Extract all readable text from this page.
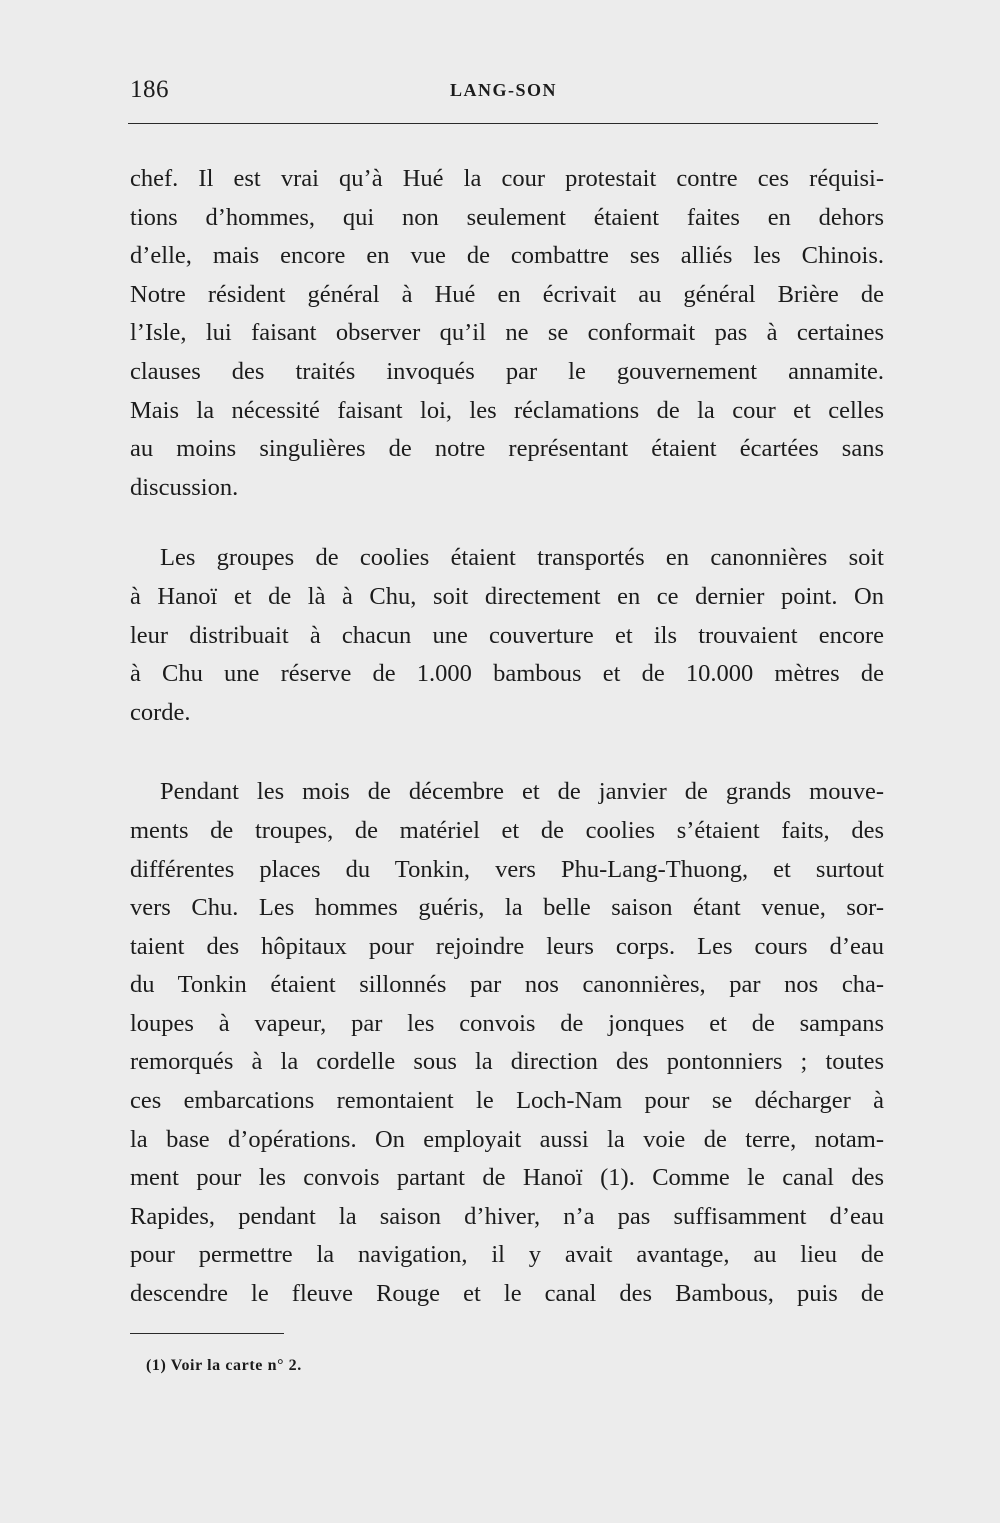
186	LANG-SON
chef. Il est vrai qu’à Hué la cour protestait contre ces réquisi-
tions d’hommes, qui non seulement étaient faites en dehors
d’elle, mais encore en vue de combattre ses alliés les Chinois.
Notre résident général à Hué en écrivait au général Brière de
l’Isle, lui faisant observer qu’il ne se conformait pas à certaines
clauses des traités invoqués par le gouvernement annamite.
Mais la nécessité faisant loi, les réclamations de la cour et celles
au moins singulières de notre représentant étaient écartées sans
discussion.
Les groupes de coolies étaient transportés en canonnières soit
à Hanoï et de là à Chu, soit directement en ce dernier point. On
leur distribuait à chacun une couverture et ils trouvaient encore
à Chu une réserve de 1.000 bambous et de 10.000 mètres de
corde.
Pendant les mois de décembre et de janvier de grands mouve-
ments de troupes, de matériel et de coolies s’étaient faits, des
différentes places du Tonkin, vers Phu-Lang-Thuong, et surtout
vers Chu. Les hommes guéris, la belle saison étant venue, sor-
taient des hôpitaux pour rejoindre leurs corps. Les cours d’eau
du Tonkin étaient sillonnés par nos canonnières, par nos cha-
loupes à vapeur, par les convois de jonques et de sampans
remorqués à la cordelle sous la direction des pontonniers ; toutes
ces embarcations remontaient le Loch-Nam pour se décharger à
la base d’opérations. On employait aussi la voie de terre, notam-
ment pour les convois partant de Hanoï (1). Comme le canal des
Rapides, pendant la saison d’hiver, n’a pas suffisamment d’eau
pour permettre la navigation, il y avait avantage, au lieu de
descendre le fleuve Rouge et le canal des Bambous, puis de
(1) Voir la carte n° 2.
